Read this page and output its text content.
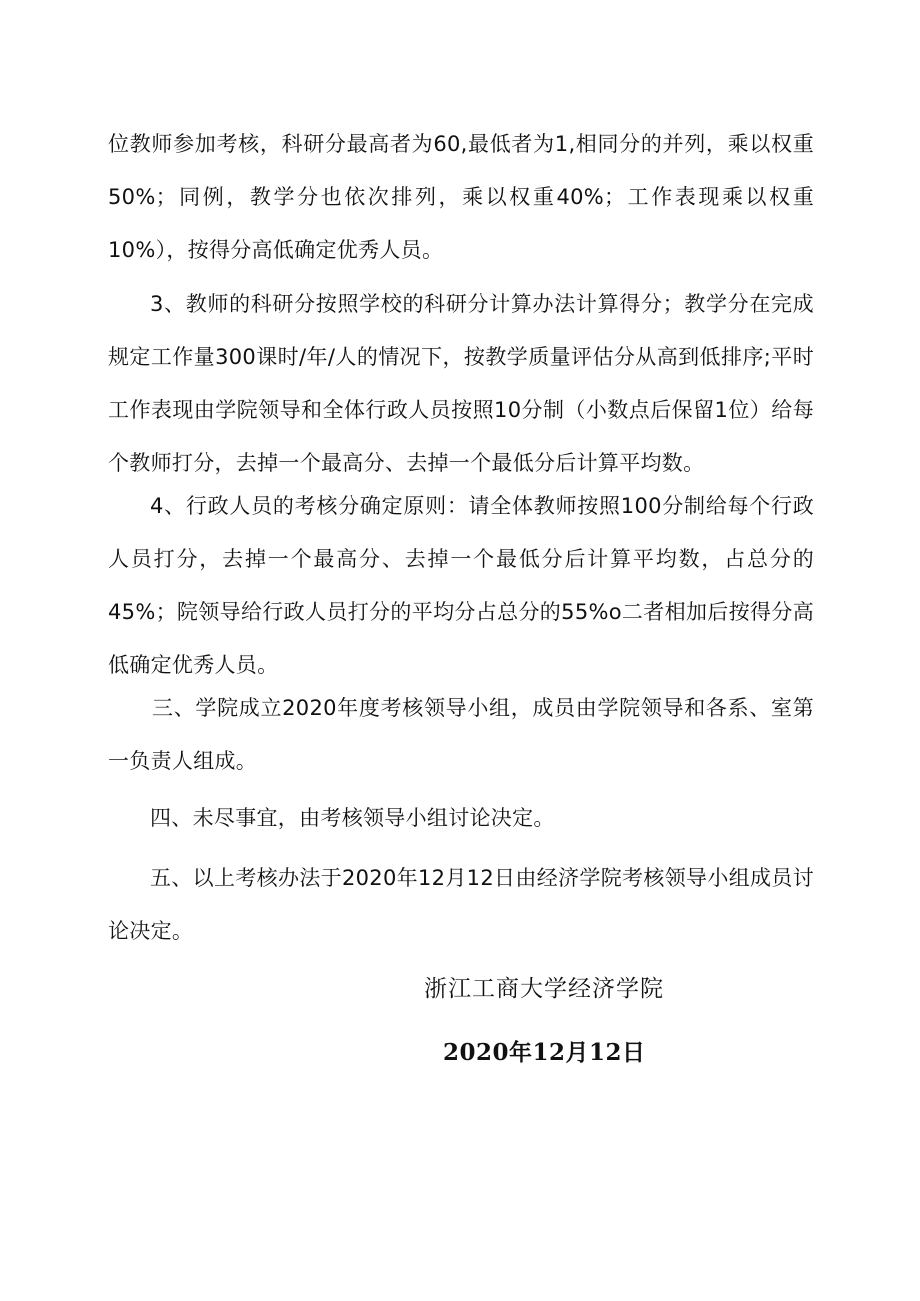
位教师参加考核，科研分最高者为60,最低者为1,相同分的并列，乘以权重50%；同例，教学分也依次排列，乘以权重40%；工作表现乘以权重10%），按得分高低确定优秀人员。

3、教师的科研分按照学校的科研分计算办法计算得分；教学分在完成规定工作量300课时/年/人的情况下，按教学质量评估分从高到低排序;平时工作表现由学院领导和全体行政人员按照10分制（小数点后保留1位）给每个教师打分，去掉一个最高分、去掉一个最低分后计算平均数。

4、行政人员的考核分确定原则：请全体教师按照100分制给每个行政人员打分，去掉一个最高分、去掉一个最低分后计算平均数，占总分的45%；院领导给行政人员打分的平均分占总分的55%o二者相加后按得分高低确定优秀人员。

三、学院成立2020年度考核领导小组，成员由学院领导和各系、室第一负责人组成。

四、未尽事宜，由考核领导小组讨论决定。

五、以上考核办法于2020年12月12日由经济学院考核领导小组成员讨论决定。

浙江工商大学经济学院

2020年12月12日
